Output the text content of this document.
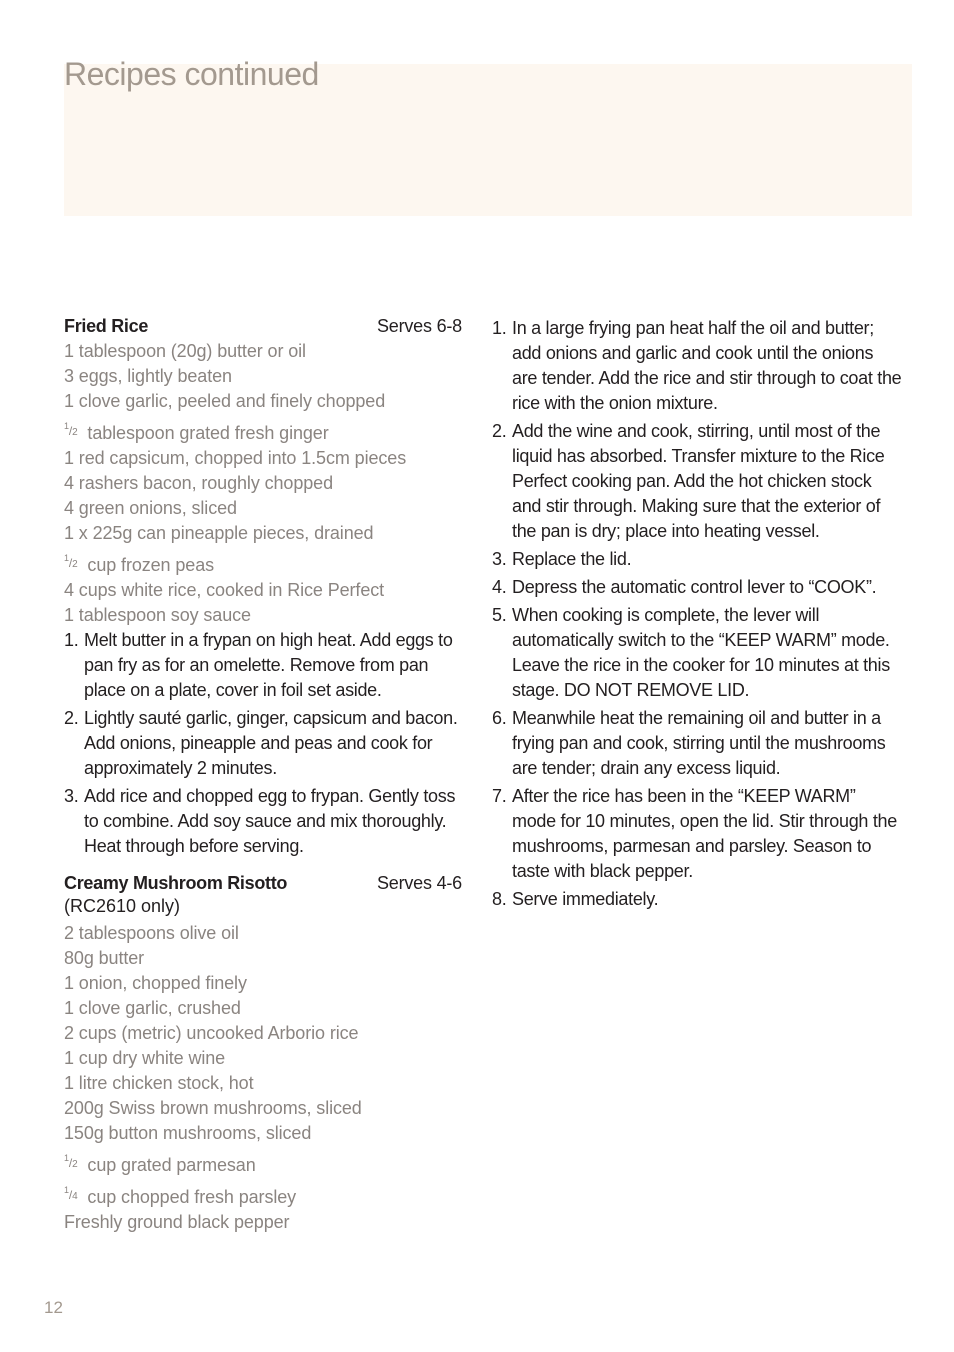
Recipes continued
Fried Rice	Serves 6-8
1 tablespoon (20g) butter or oil
3 eggs, lightly beaten
1 clove garlic, peeled and finely chopped
$^{^1/2}$ tablespoon grated fresh ginger
1 red capsicum, chopped into 1.5cm pieces
4 rashers bacon, roughly chopped
4 green onions, sliced
1 x 225g can pineapple pieces, drained
$^{^1/2}$ cup frozen peas
4 cups white rice, cooked in Rice Perfect
1 tablespoon soy sauce
1. Melt butter in a frypan on high heat. Add eggs to pan fry as for an omelette. Remove from pan place on a plate, cover in foil set aside.
2. Lightly sauté garlic, ginger, capsicum and bacon. Add onions, pineapple and peas and cook for approximately 2 minutes.
3. Add rice and chopped egg to frypan. Gently toss to combine. Add soy sauce and mix thoroughly. Heat through before serving.
Creamy Mushroom Risotto	Serves 4-6
(RC2610 only)
2 tablespoons olive oil
80g butter
1 onion, chopped finely
1 clove garlic, crushed
2 cups (metric) uncooked Arborio rice
1 cup dry white wine
1 litre chicken stock, hot
200g Swiss brown mushrooms, sliced
150g button mushrooms, sliced
$^{^1/2}$ cup grated parmesan
$^{^1/4}$ cup chopped fresh parsley
Freshly ground black pepper
1. In a large frying pan heat half the oil and butter; add onions and garlic and cook until the onions are tender. Add the rice and stir through to coat the rice with the onion mixture.
2. Add the wine and cook, stirring, until most of the liquid has absorbed. Transfer mixture to the Rice Perfect cooking pan. Add the hot chicken stock and stir through. Making sure that the exterior of the pan is dry; place into heating vessel.
3. Replace the lid.
4. Depress the automatic control lever to “COOK”.
5. When cooking is complete, the lever will automatically switch to the “KEEP WARM” mode. Leave the rice in the cooker for 10 minutes at this stage. DO NOT REMOVE LID.
6. Meanwhile heat the remaining oil and butter in a frying pan and cook, stirring until the mushrooms are tender; drain any excess liquid.
7. After the rice has been in the “KEEP WARM” mode for 10 minutes, open the lid. Stir through the mushrooms, parmesan and parsley. Season to taste with black pepper.
8. Serve immediately.
12
